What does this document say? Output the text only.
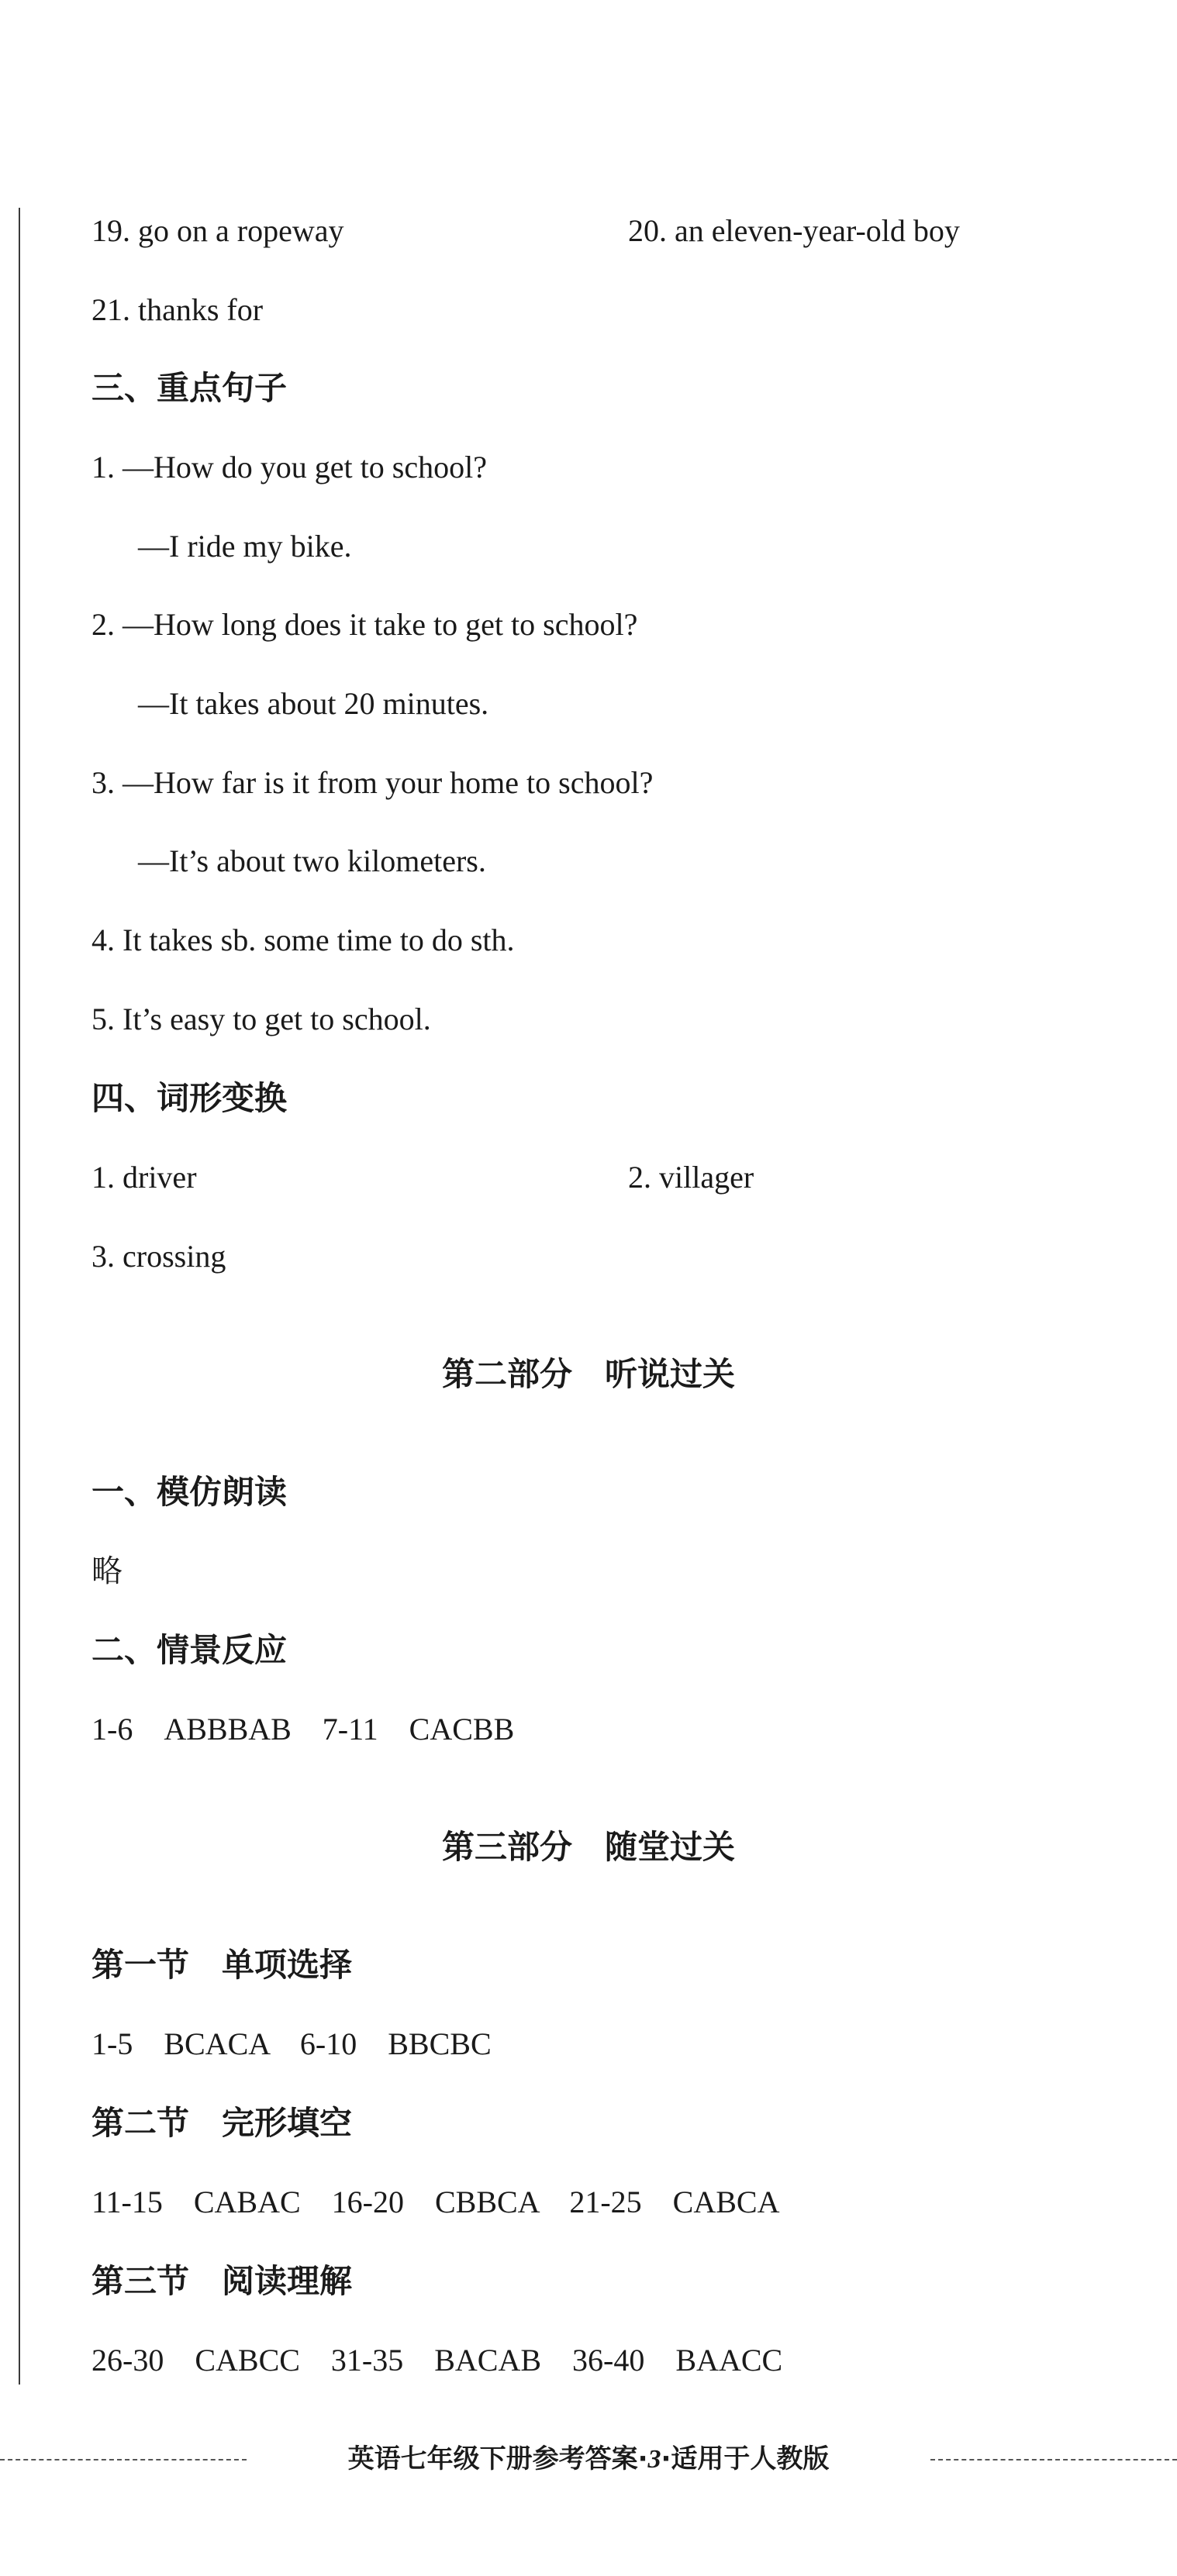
19. go on a ropeway	20. an eleven-year-old boy
21. thanks for
三、重点句子
1. —How do you get to school?
—I ride my bike.
2. —How long does it take to get to school?
—It takes about 20 minutes.
3. —How far is it from your home to school?
—It’s about two kilometers.
4. It takes sb. some time to do sth.
5. It’s easy to get to school.
四、词形变换
1. driver	2. villager
3. crossing
第二部分　听说过关
一、模仿朗读
略
二、情景反应
1-6　ABBBAB　7-11　CACBB
第三部分　随堂过关
第一节　单项选择
1-5　BCACA　6-10　BBCBC
第二节　完形填空
11-15　CABAC　16-20　CBBCA　21-25　CABCA
第三节　阅读理解
26-30　CABCC　31-35　BACAB　36-40　BAACC
英语七年级下册参考答案·3·适用于人教版
